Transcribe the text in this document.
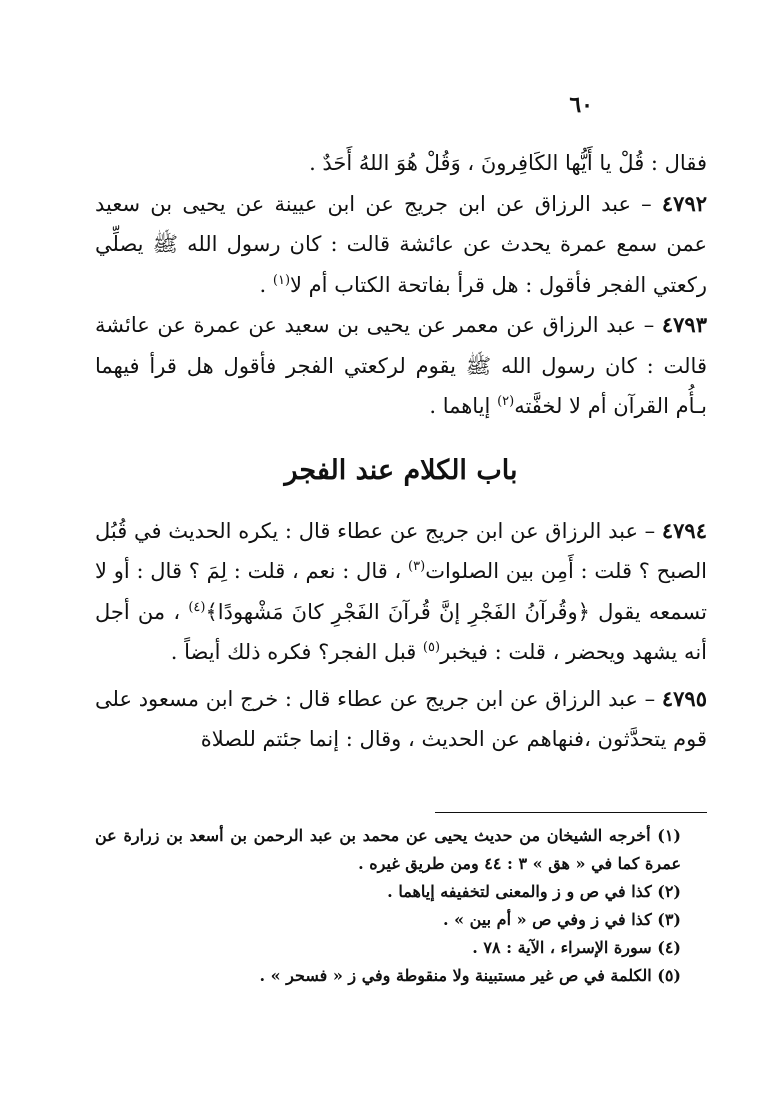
٦٠

فقال : قُلْ يا أَيُّها الكَافِرونَ ، وَقُلْ هُوَ اللهُ أَحَدٌ .

٤٧٩٢ – عبد الرزاق عن ابن جريج عن ابن عيينة عن يحيى بن سعيد عمن سمع عمرة يحدث عن عائشة قالت : كان رسول الله ﷺ يصلِّي ركعتي الفجر فأقول : هل قرأ بفاتحة الكتاب أم لا$^{(١)}$ .

٤٧٩٣ – عبد الرزاق عن معمر عن يحيى بن سعيد عن عمرة عن عائشة قالت : كان رسول الله ﷺ يقوم لركعتي الفجر فأقول هل قرأ فيهما بـأُم القرآن أم لا لخفَّته$^{(٢)}$ إياهما .

باب الكلام عند الفجر

٤٧٩٤ – عبد الرزاق عن ابن جريج عن عطاء قال : يكره الحديث في قُبُل الصبح ؟ قلت : أَمِن بين الصلوات$^{(٣)}$ ، قال : نعم ، قلت : لِمَ ؟ قال : أو لا تسمعه يقول ﴿وقُرآنُ الفَجْرِ إنَّ قُرآنَ الفَجْرِ كانَ مَشْهودًا﴾$^{(٤)}$ ، من أجل أنه يشهد ويحضر ، قلت : فيخبر$^{(٥)}$ قبل الفجر؟ فكره ذلك أيضاً .

٤٧٩٥ – عبد الرزاق عن ابن جريج عن عطاء قال : خرج ابن مسعود على قوم يتحدَّثون ،فنهاهم عن الحديث ، وقال : إنما جئتم للصلاة

(١) أخرجه الشيخان من حديث يحيى عن محمد بن عبد الرحمن بن أسعد بن زرارة عن عمرة كما في « هق » ٣ : ٤٤ ومن طريق غيره .

(٢) كذا في ص و ز والمعنى لتخفيفه إياهما .

(٣) كذا في ز وفي ص « أم بين » .

(٤) سورة الإسراء ، الآية : ٧٨ .

(٥) الكلمة في ص غير مستبينة ولا منقوطة وفي ز « فسحر » .
